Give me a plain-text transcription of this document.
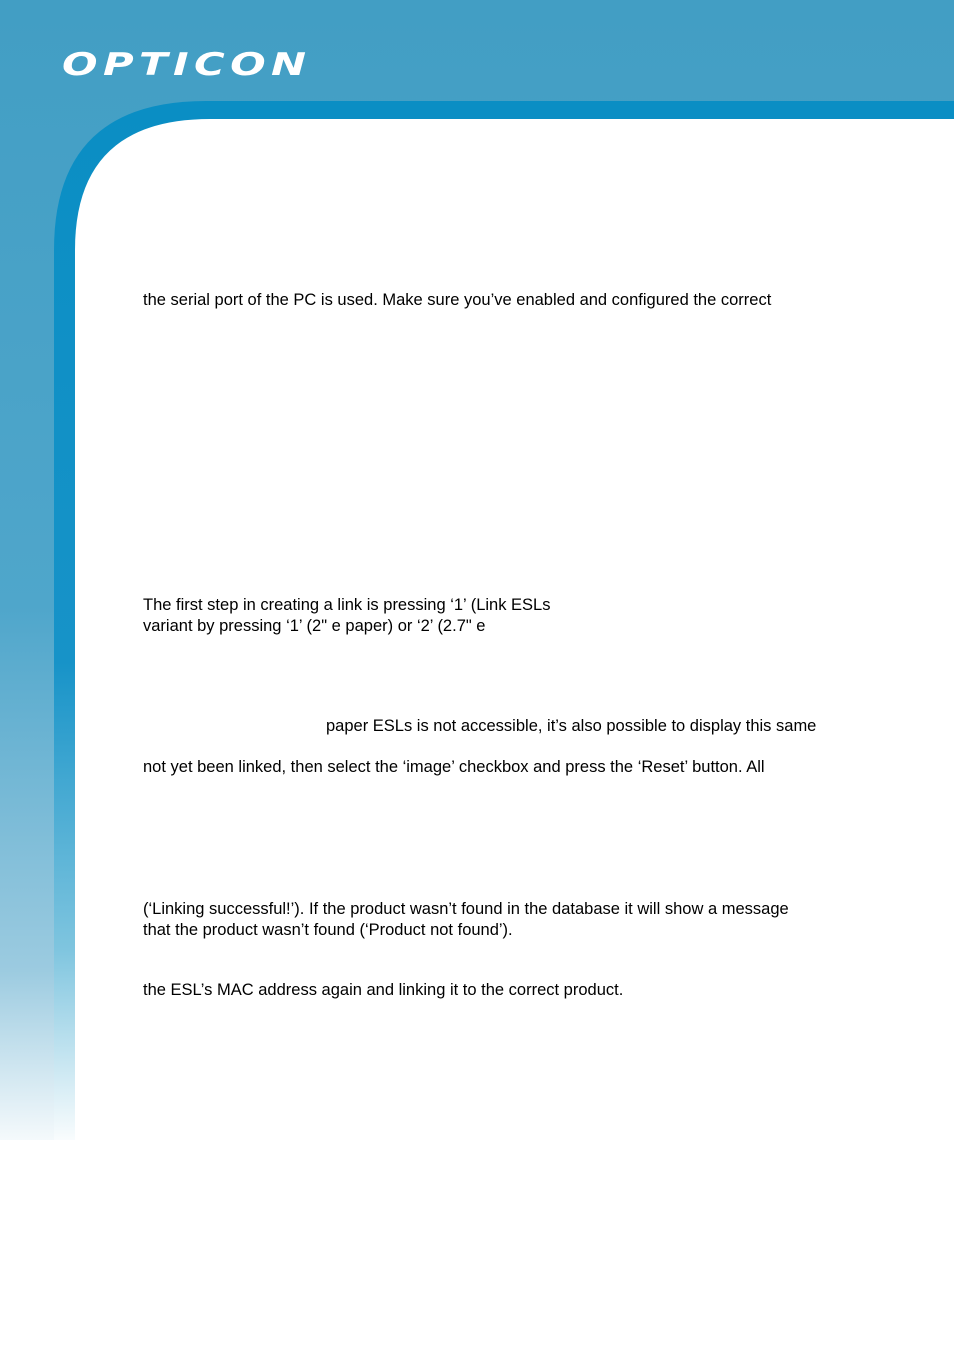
OPTICON

the serial port of the PC is used. Make sure you’ve enabled and configured the correct

The first step in creating a link is pressing ‘1’ (Link ESLs

variant by pressing ‘1’ (2" e paper) or ‘2’ (2.7" e

paper ESLs is not accessible, it’s also possible to display this same

not yet been linked, then select the ‘image’ checkbox and press the ‘Reset’ button. All

(‘Linking successful!’). If the product wasn’t found in the database it will show a message

that the product wasn’t found (‘Product not found’).

the ESL’s MAC address again and linking it to the correct product.
